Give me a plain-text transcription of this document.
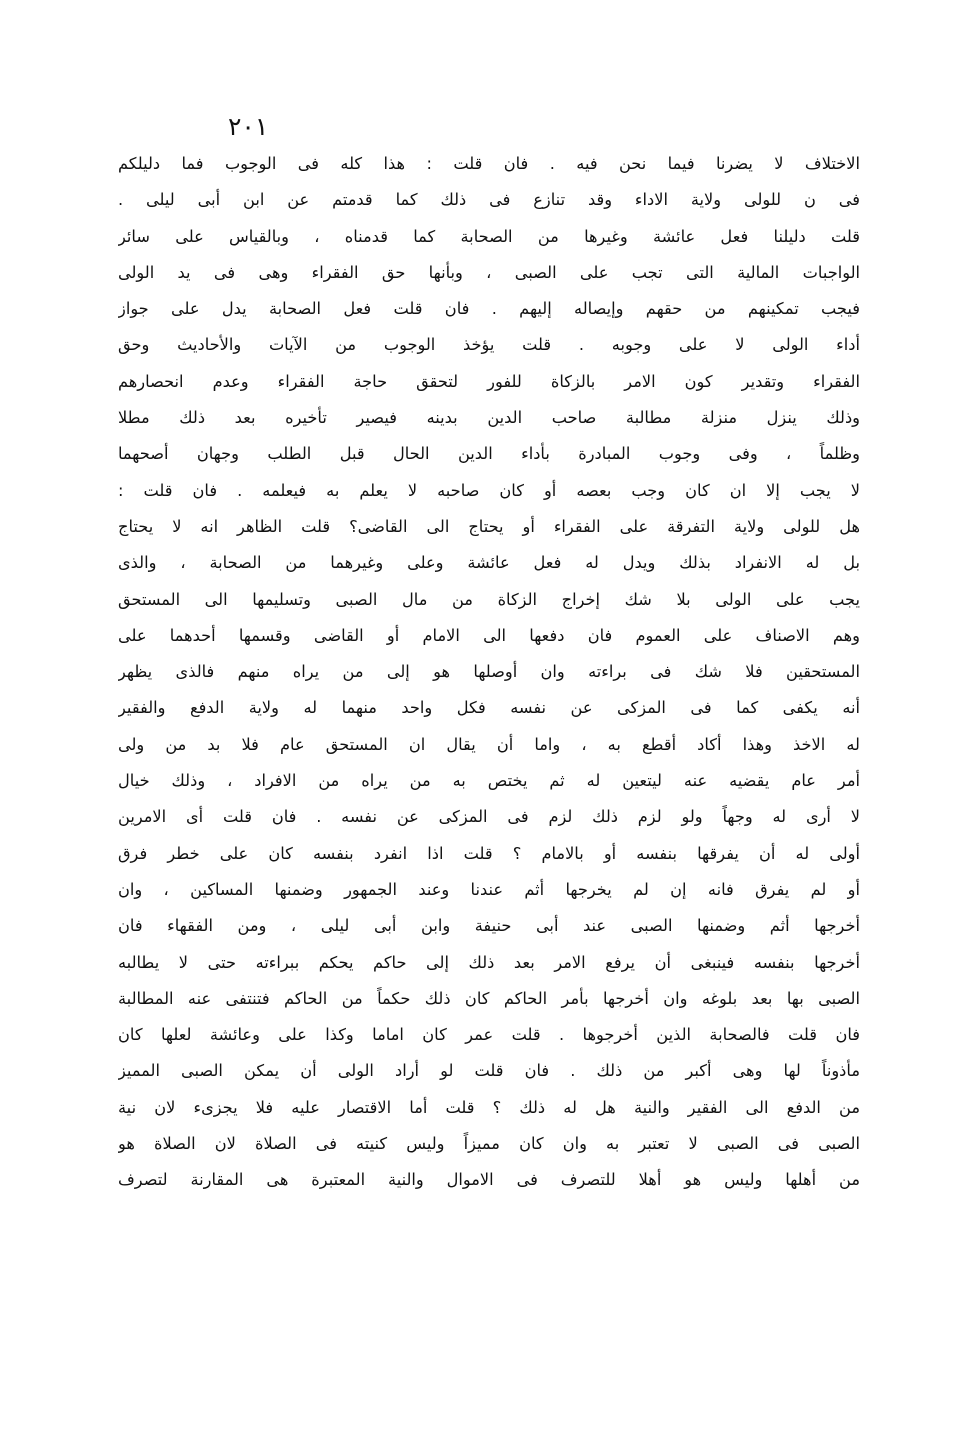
٢٠١
الاختلاف لا يضرنا فيما نحن فيه . فان قلت : هذا كله فى الوجوب فما دليلكم
فى ن للولى ولاية الاداء وقد تنازع فى ذلك كما قدمتم عن ابن أبى ليلى .
قلت دليلنا فعل عائشة وغيرها من الصحابة كما قدمناه ، وبالقياس على سائر
الواجبات المالية التى تجب على الصبى ، وبأنها حق الفقراء وهى فى يد الولى
فيجب تمكينهم من حقهم وإيصاله إليهم . فان قلت فعل الصحابة يدل على جواز
أداء الولى لا على وجوبه . قلت يؤخذ الوجوب من الآيات والأحاديث وحق
الفقراء وتقدير كون الامر بالزكاة للفور لتحقق حاجة الفقراء وعدم انحصارهم
وذلك ينزل منزلة مطالبة صاحب الدين بدينه فيصير تأخيره بعد ذلك مطلا
وظلماً ، وفى وجوب المبادرة بأداء الدين الحال قبل الطلب وجهان أصحهما
لا يجب إلا ان كان وجب بعصه أو كان صاحبه لا يعلم به فيعلمه . فان قلت :
هل للولى ولاية التفرقة على الفقراء أو يحتاج الى القاضى؟ قلت الظاهر انه لا يحتاج
بل له الانفراد بذلك ويدل له فعل عائشة وعلى وغيرهما من الصحابة ، والذى
يجب على الولى بلا شك إخراج الزكاة من مال الصبى وتسليمها الى المستحق
وهم الاصناف على العموم فان دفعها الى الامام أو القاضى وقسمها أحدهما على
المستحقين فلا شك فى براءته وان أوصلها هو إلى من يراه منهم فالذى يظهر
أنه يكفى كما فى المزكى عن نفسه فكل واحد منهما له ولاية الدفع والفقير
له الاخذ وهذا أكاد أقطع به ، واما أن يقال ان المستحق عام فلا بد من ولى
أمر عام يقضيه عنه ليتعين له ثم يختص به من يراه من الافراد ، وذلك خيال
لا أرى له وجهاً ولو لزم ذلك لزم فى المزكى عن نفسه . فان قلت أى الامرين
أولى له أن يفرقها بنفسه أو بالامام ؟ قلت اذا انفرد بنفسه كان على خطر فرق
أو لم يفرق فانه إن لم يخرجها أثم عندنا وعند الجمهور وضمنها المساكين ، وان
أخرجها أثم وضمنها الصبى عند أبى حنيفة وابن أبى ليلى ، ومن الفقهاء فان
أخرجها بنفسه فينبغى أن يرفع الامر بعد ذلك إلى حاكم يحكم ببراءته حتى لا يطالبه
الصبى بها بعد بلوغه وان أخرجها بأمر الحاكم كان ذلك حكماً من الحاكم فتنتفى عنه المطالبة
فان قلت فالصحابة الذين أخرجوها . قلت عمر كان اماما وكذا على وعائشة لعلها كان
مأذوناً لها وهى أكبر من ذلك . فان قلت لو أراد الولى أن يمكن الصبى المميز
من الدفع الى الفقير والنية هل له ذلك ؟ قلت أما الاقتصار عليه فلا يجزىء لان نية
الصبى فى الصبى لا تعتبر به وان كان مميزاً وليس كنيته فى الصلاة لان الصلاة هو
من أهلها وليس هو أهلا للتصرف فى الاموال والنية المعتبرة هى المقارنة لتصرف
